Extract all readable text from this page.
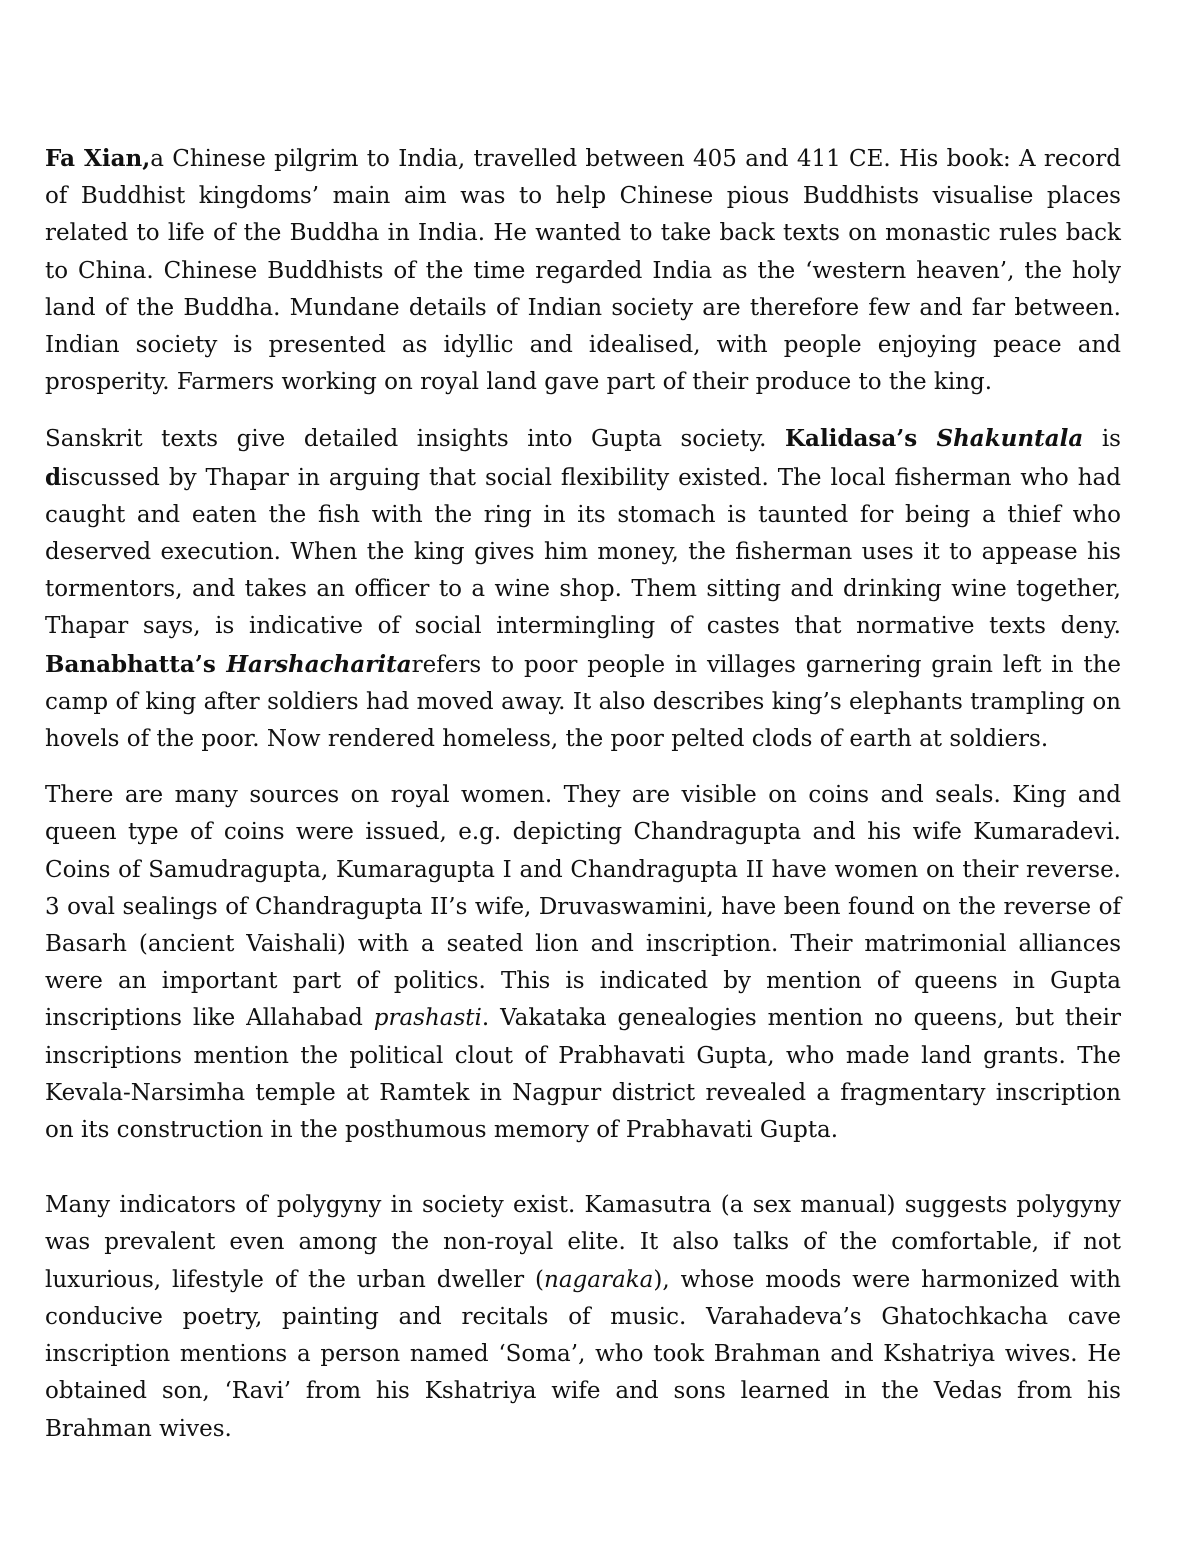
Fa Xian,a Chinese pilgrim to India, travelled between 405 and 411 CE. His book: A record of Buddhist kingdoms’ main aim was to help Chinese pious Buddhists visualise places related to life of the Buddha in India. He wanted to take back texts on monastic rules back to China. Chinese Buddhists of the time regarded India as the ‘western heaven’, the holy land of the Buddha. Mundane details of Indian society are therefore few and far between. Indian society is presented as idyllic and idealised, with people enjoying peace and prosperity. Farmers working on royal land gave part of their produce to the king.

Sanskrit texts give detailed insights into Gupta society. Kalidasa’s Shakuntala is discussed by Thapar in arguing that social flexibility existed. The local fisherman who had caught and eaten the fish with the ring in its stomach is taunted for being a thief who deserved execution. When the king gives him money, the fisherman uses it to appease his tormentors, and takes an officer to a wine shop. Them sitting and drinking wine together, Thapar says, is indicative of social intermingling of castes that normative texts deny. Banabhatta’s Harshacharitarefers to poor people in villages garnering grain left in the camp of king after soldiers had moved away. It also describes king’s elephants trampling on hovels of the poor. Now rendered homeless, the poor pelted clods of earth at soldiers.

There are many sources on royal women. They are visible on coins and seals. King and queen type of coins were issued, e.g. depicting Chandragupta and his wife Kumaradevi. Coins of Samudragupta, Kumaragupta I and Chandragupta II have women on their reverse. 3 oval sealings of Chandragupta II’s wife, Druvaswamini, have been found on the reverse of Basarh (ancient Vaishali) with a seated lion and inscription. Their matrimonial alliances were an important part of politics. This is indicated by mention of queens in Gupta inscriptions like Allahabad prashasti. Vakataka genealogies mention no queens, but their inscriptions mention the political clout of Prabhavati Gupta, who made land grants. The Kevala-Narsimha temple at Ramtek in Nagpur district revealed a fragmentary inscription on its construction in the posthumous memory of Prabhavati Gupta.

Many indicators of polygyny in society exist. Kamasutra (a sex manual) suggests polygyny was prevalent even among the non-royal elite. It also talks of the comfortable, if not luxurious, lifestyle of the urban dweller (nagaraka), whose moods were harmonized with conducive poetry, painting and recitals of music. Varahadeva’s Ghatochkacha cave inscription mentions a person named ‘Soma’, who took Brahman and Kshatriya wives. He obtained son, ‘Ravi’ from his Kshatriya wife and sons learned in the Vedas from his Brahman wives.
